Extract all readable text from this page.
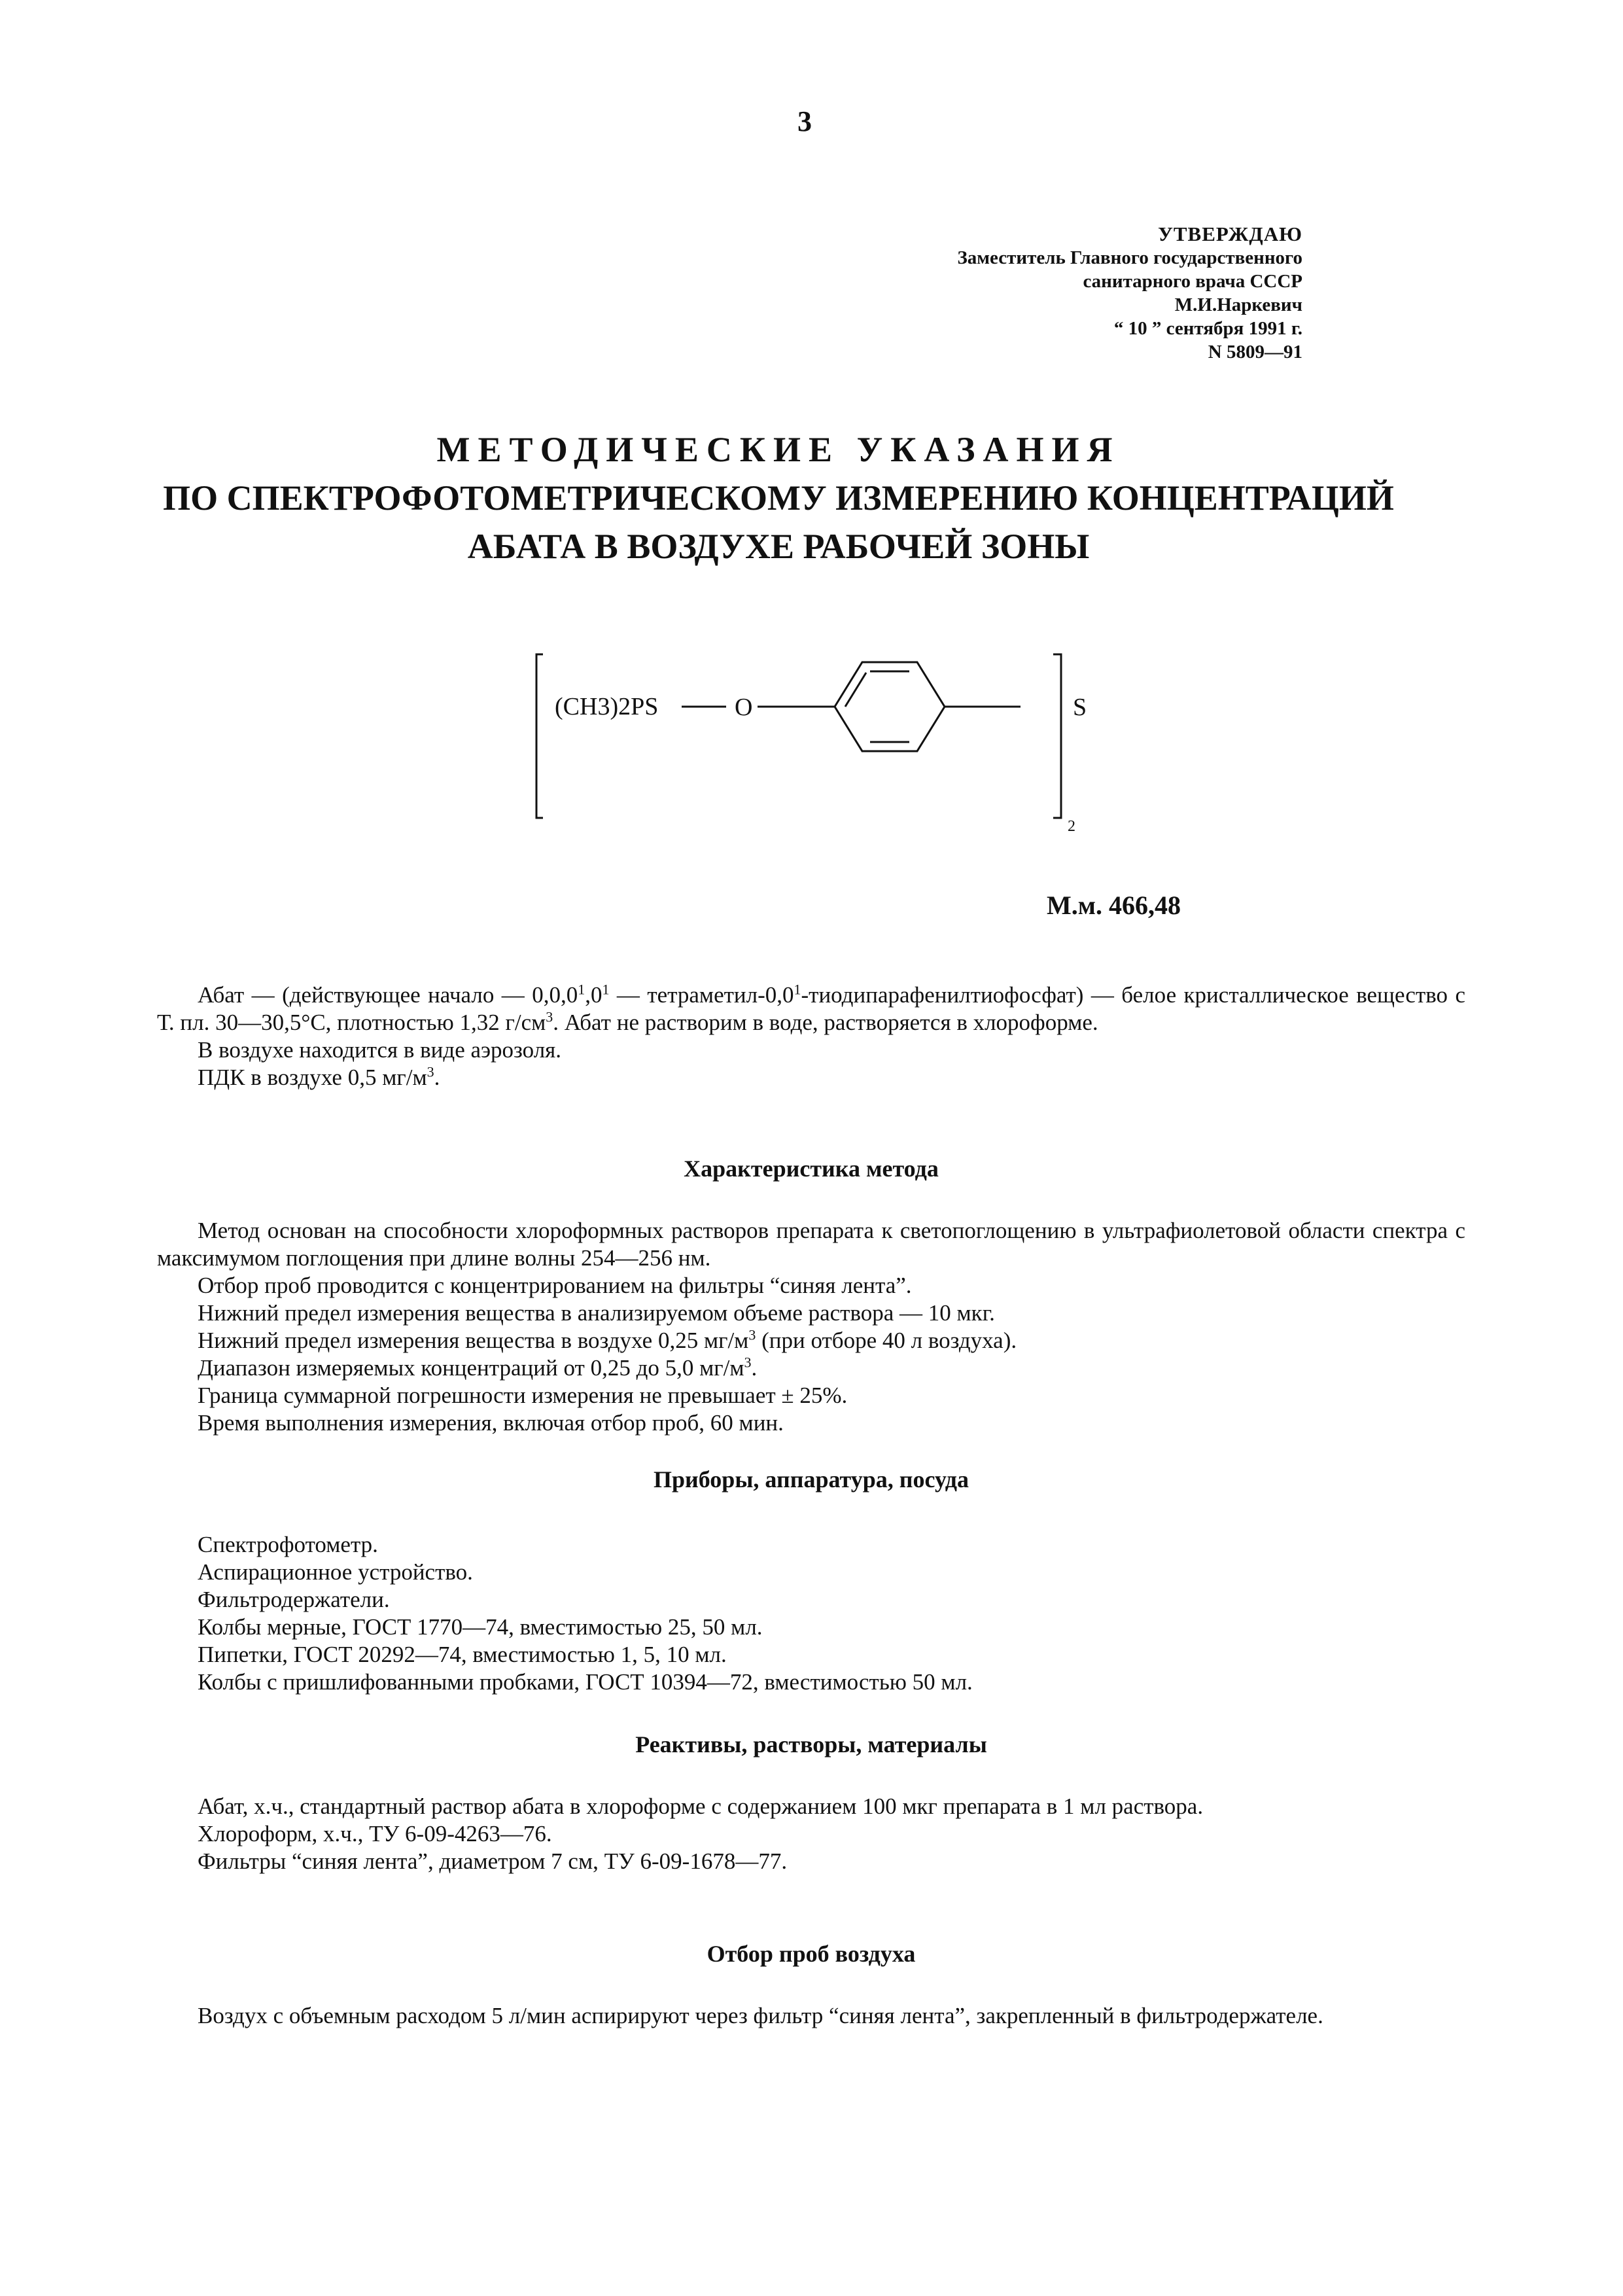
3
УТВЕРЖДАЮ
Заместитель Главного государственного
санитарного врача СССР
М.И.Наркевич
“ 10 ” сентября 1991 г.
N 5809—91
МЕТОДИЧЕСКИЕ УКАЗАНИЯ
ПО СПЕКТРОФОТОМЕТРИЧЕСКОМУ ИЗМЕРЕНИЮ КОНЦЕНТРАЦИЙ
АБАТА В ВОЗДУХЕ РАБОЧЕЙ ЗОНЫ
(CH3)2PS	O	S
2
М.м. 466,48

Абат — (действующее начало — $0,0,0^1,0^1$ — тетраметил-$0,0^1-тиодипарафенилтиофосфат$) — белое кристаллическое вещество с Т. пл. 30—30,5°С, плотностью 1,32 $г/см^3$. Абат не растворим в воде, растворяется в хлороформе.

В воздухе находится в виде аэрозоля.

ПДК в воздухе 0,5 $мг/м^3$.

Характеристика метода

Метод основан на способности хлороформных растворов препарата к светопоглощению в ультрафиолетовой области спектра с максимумом поглощения при длине волны 254—256 нм.

Отбор проб проводится с концентрированием на фильтры “синяя лента”.

Нижний предел измерения вещества в анализируемом объеме раствора — 10 мкг.

Нижний предел измерения вещества в воздухе 0,25 $мг/м^3$ (при отборе 40 л воздуха).

Диапазон измеряемых концентраций от 0,25 до 5,0 $мг/м^3$.

Граница суммарной погрешности измерения не превышает ± 25%.

Время выполнения измерения, включая отбор проб, 60 мин.

Приборы, аппаратура, посуда

Спектрофотометр.

Аспирационное устройство.

Фильтродержатели.

Колбы мерные, ГОСТ 1770—74, вместимостью 25, 50 мл.

Пипетки, ГОСТ 20292—74, вместимостью 1, 5, 10 мл.

Колбы с пришлифованными пробками, ГОСТ 10394—72, вместимостью 50 мл.

Реактивы, растворы, материалы

Абат, х.ч., стандартный раствор абата в хлороформе с содержанием 100 мкг препарата в 1 мл раствора.

Хлороформ, х.ч., ТУ 6-09-4263—76.

Фильтры “синяя лента”, диаметром 7 см, ТУ 6-09-1678—77.

Отбор проб воздуха

Воздух с объемным расходом 5 л/мин аспирируют через фильтр “синяя лента”, закрепленный в фильтродержателе.
